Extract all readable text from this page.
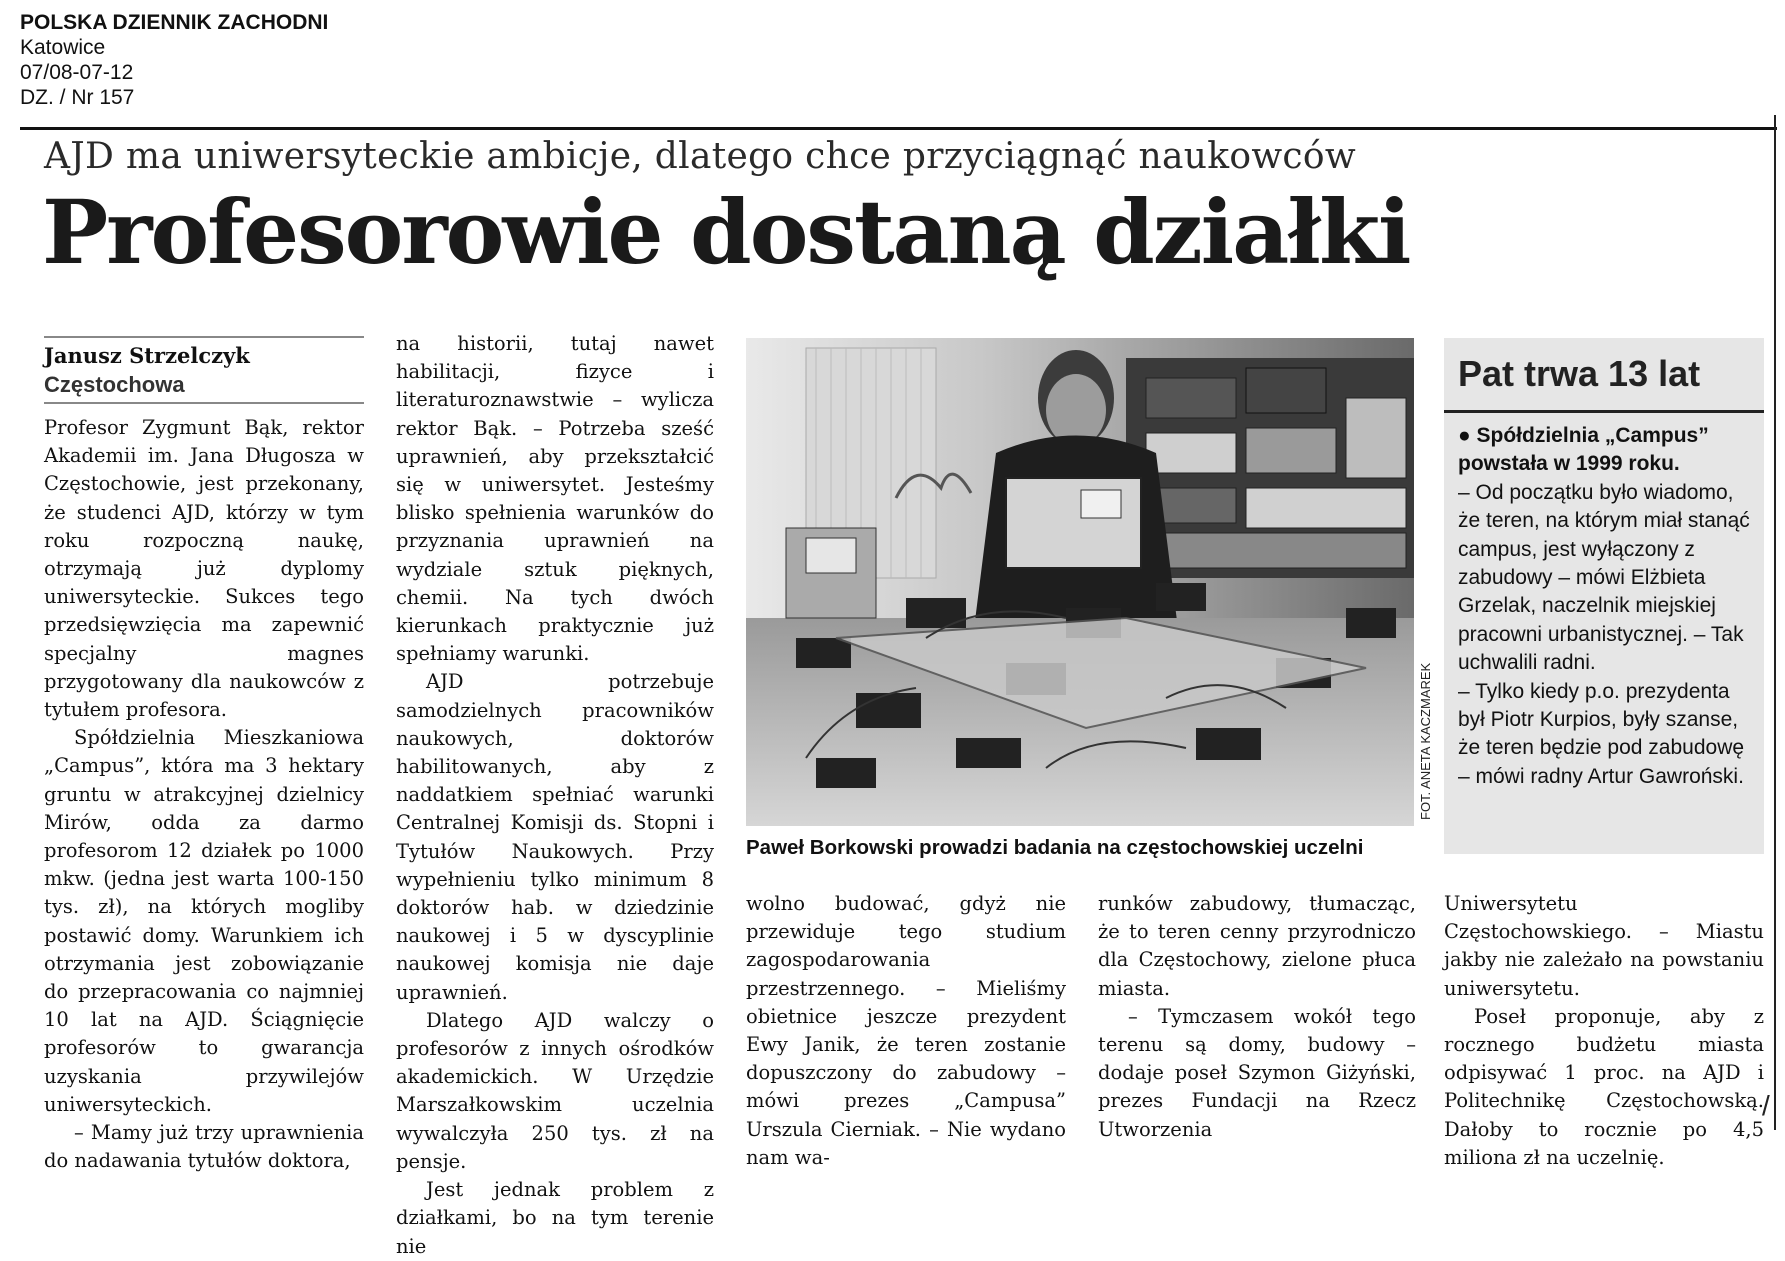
POLSKA DZIENNIK ZACHODNI
Katowice
07/08-07-12
DZ. / Nr 157
AJD ma uniwersyteckie ambicje, dlatego chce przyciągnąć naukowców
Profesorowie dostaną działki
Janusz Strzelczyk
Częstochowa

Profesor Zygmunt Bąk, rektor Akademii im. Jana Długosza w Częstochowie, jest przekonany, że studenci AJD, którzy w tym roku rozpoczną naukę, otrzymają już dyplomy uniwersyteckie. Sukces tego przedsięwzięcia ma zapewnić specjalny magnes przygotowany dla naukowców z tytułem profesora.

Spółdzielnia Mieszkaniowa „Campus”, która ma 3 hektary gruntu w atrakcyjnej dzielnicy Mirów, odda za darmo profesorom 12 działek po 1000 mkw. (jedna jest warta 100-150 tys. zł), na których mogliby postawić domy. Warunkiem ich otrzymania jest zobowiązanie do przepracowania co najmniej 10 lat na AJD. Ściągnięcie profesorów to gwarancja uzyskania przywilejów uniwersyteckich.

– Mamy już trzy uprawnienia do nadawania tytułów doktora,

na historii, tutaj nawet habilitacji, fizyce i literaturoznawstwie – wylicza rektor Bąk. – Potrzeba sześć uprawnień, aby przekształcić się w uniwersytet. Jesteśmy blisko spełnienia warunków do przyznania uprawnień na wydziale sztuk pięknych, chemii. Na tych dwóch kierunkach praktycznie już spełniamy warunki.

AJD potrzebuje samodzielnych pracowników naukowych, doktorów habilitowanych, aby z naddatkiem spełniać warunki Centralnej Komisji ds. Stopni i Tytułów Naukowych. Przy wypełnieniu tylko minimum 8 doktorów hab. w dziedzinie naukowej i 5 w dyscyplinie naukowej komisja nie daje uprawnień.

Dlatego AJD walczy o profesorów z innych ośrodków akademickich. W Urzędzie Marszałkowskim uczelnia wywalczyła 250 tys. zł na pensje.

Jest jednak problem z działkami, bo na tym terenie nie

FOT. ANETA KACZMAREK
Paweł Borkowski prowadzi badania na częstochowskiej uczelni

wolno budować, gdyż nie przewiduje tego studium zagospodarowania przestrzennego. – Mieliśmy obietnice jeszcze prezydent Ewy Janik, że teren zostanie dopuszczony do zabudowy – mówi prezes „Campusa” Urszula Cierniak. – Nie wydano nam wa-

runków zabudowy, tłumacząc, że to teren cenny przyrodniczo dla Częstochowy, zielone płuca miasta.

– Tymczasem wokół tego terenu są domy, budowy – dodaje poseł Szymon Giżyński, prezes Fundacji na Rzecz Utworzenia

Pat trwa 13 lat

● Spółdzielnia „Campus” powstała w 1999 roku.

– Od początku było wiadomo, że teren, na którym miał stanąć campus, jest wyłączony z zabudowy – mówi Elżbieta Grzelak, naczelnik miejskiej pracowni urbanistycznej. – Tak uchwalili radni.

– Tylko kiedy p.o. prezydenta był Piotr Kurpios, były szanse, że teren będzie pod zabudowę – mówi radny Artur Gawroński.

Uniwersytetu Częstochowskiego. – Miastu jakby nie zależało na powstaniu uniwersytetu.

Poseł proponuje, aby z rocznego budżetu miasta odpisywać 1 proc. na AJD i Politechnikę Częstochowską. Dałoby to rocznie po 4,5 miliona zł na uczelnię.

/
